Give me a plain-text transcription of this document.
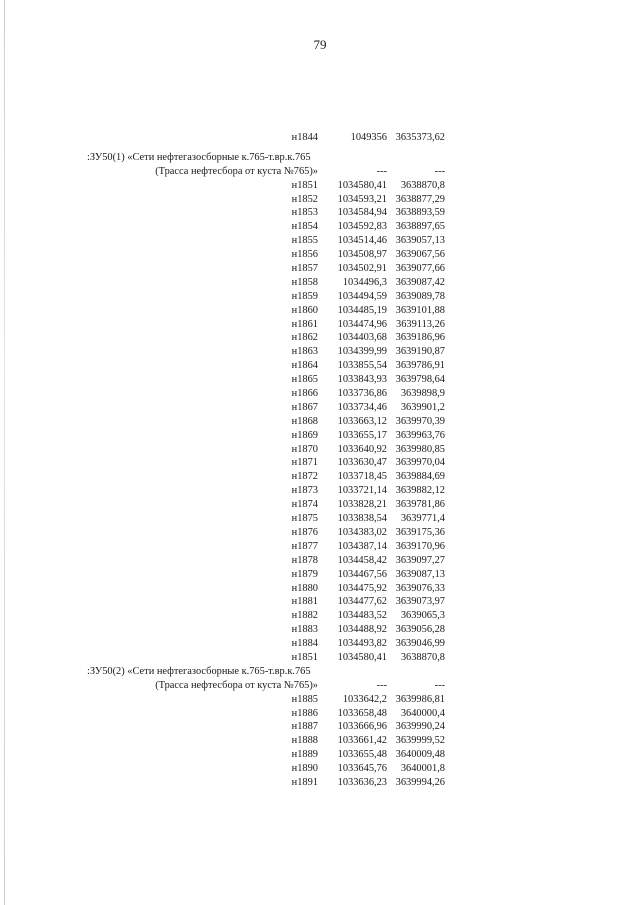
79
н1844	1049356 3635373,62
:ЗУ50(1) «Сети нефтегазосборные к.765-т.вр.к.765
(Трасса нефтесбора от куста №765)»	---	---
н1851 1034580,41 3638870,8
н1852 1034593,21 3638877,29
н1853 1034584,94 3638893,59
н1854 1034592,83 3638897,65
н1855 1034514,46 3639057,13
н1856 1034508,97 3639067,56
н1857 1034502,91 3639077,66
н1858 1034496,3 3639087,42
н1859 1034494,59 3639089,78
н1860 1034485,19 3639101,88
н1861 1034474,96 3639113,26
н1862 1034403,68 3639186,96
н1863 1034399,99 3639190,87
н1864 1033855,54 3639786,91
н1865 1033843,93 3639798,64
н1866 1033736,86 3639898,9
н1867 1033734,46 3639901,2
н1868 1033663,12 3639970,39
н1869 1033655,17 3639963,76
н1870 1033640,92 3639980,85
н1871 1033630,47 3639970,04
н1872 1033718,45 3639884,69
н1873 1033721,14 3639882,12
н1874 1033828,21 3639781,86
н1875 1033838,54 3639771,4
н1876 1034383,02 3639175,36
н1877 1034387,14 3639170,96
н1878 1034458,42 3639097,27
н1879 1034467,56 3639087,13
н1880 1034475,92 3639076,33
н1881 1034477,62 3639073,97
н1882 1034483,52 3639065,3
н1883 1034488,92 3639056,28
н1884 1034493,82 3639046,99
н1851 1034580,41 3638870,8
:ЗУ50(2) «Сети нефтегазосборные к.765-т.вр.к.765
(Трасса нефтесбора от куста №765)»	---	---
н1885 1033642,2 3639986,81
н1886 1033658,48 3640000,4
н1887 1033666,96 3639990,24
н1888 1033661,42 3639999,52
н1889 1033655,48 3640009,48
н1890 1033645,76 3640001,8
н1891 1033636,23 3639994,26
